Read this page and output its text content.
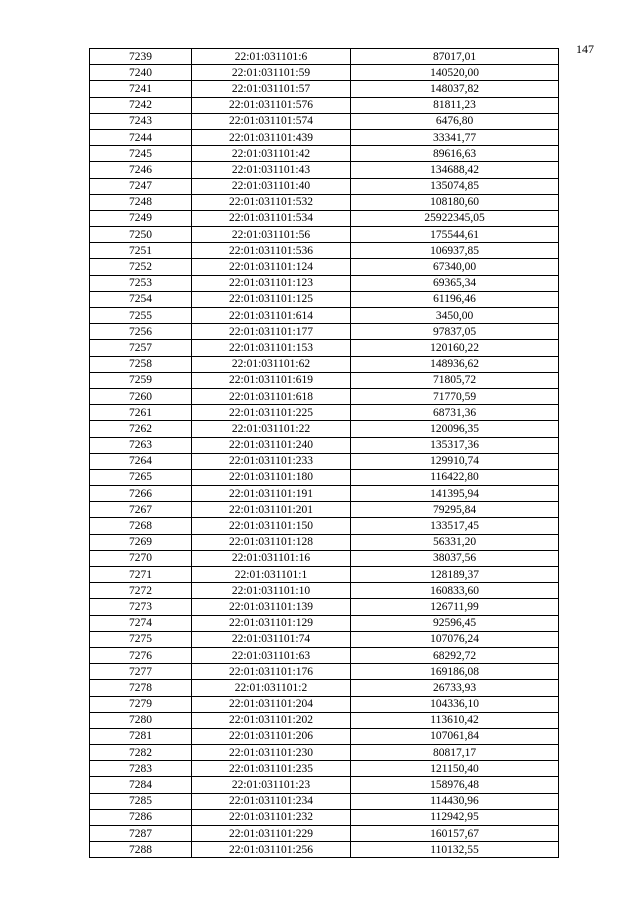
147
7239	22:01:031101:6	87017,01
7240	22:01:031101:59	140520,00
7241	22:01:031101:57	148037,82
7242	22:01:031101:576	81811,23
7243	22:01:031101:574	6476,80
7244	22:01:031101:439	33341,77
7245	22:01:031101:42	89616,63
7246	22:01:031101:43	134688,42
7247	22:01:031101:40	135074,85
7248	22:01:031101:532	108180,60
7249	22:01:031101:534	25922345,05
7250	22:01:031101:56	175544,61
7251	22:01:031101:536	106937,85
7252	22:01:031101:124	67340,00
7253	22:01:031101:123	69365,34
7254	22:01:031101:125	61196,46
7255	22:01:031101:614	3450,00
7256	22:01:031101:177	97837,05
7257	22:01:031101:153	120160,22
7258	22:01:031101:62	148936,62
7259	22:01:031101:619	71805,72
7260	22:01:031101:618	71770,59
7261	22:01:031101:225	68731,36
7262	22:01:031101:22	120096,35
7263	22:01:031101:240	135317,36
7264	22:01:031101:233	129910,74
7265	22:01:031101:180	116422,80
7266	22:01:031101:191	141395,94
7267	22:01:031101:201	79295,84
7268	22:01:031101:150	133517,45
7269	22:01:031101:128	56331,20
7270	22:01:031101:16	38037,56
7271	22:01:031101:1	128189,37
7272	22:01:031101:10	160833,60
7273	22:01:031101:139	126711,99
7274	22:01:031101:129	92596,45
7275	22:01:031101:74	107076,24
7276	22:01:031101:63	68292,72
7277	22:01:031101:176	169186,08
7278	22:01:031101:2	26733,93
7279	22:01:031101:204	104336,10
7280	22:01:031101:202	113610,42
7281	22:01:031101:206	107061,84
7282	22:01:031101:230	80817,17
7283	22:01:031101:235	121150,40
7284	22:01:031101:23	158976,48
7285	22:01:031101:234	114430,96
7286	22:01:031101:232	112942,95
7287	22:01:031101:229	160157,67
7288	22:01:031101:256	110132,55
